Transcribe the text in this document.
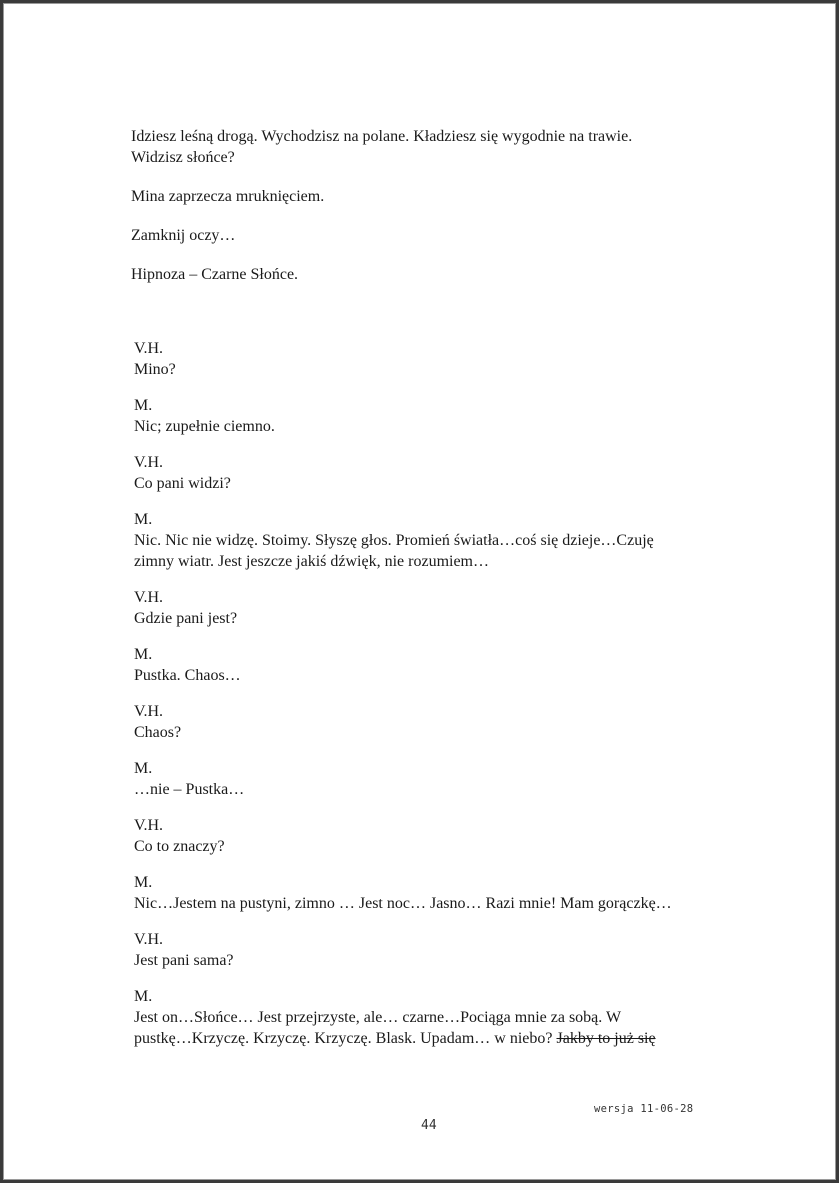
Idziesz leśną drogą. Wychodzisz na polane. Kładziesz się wygodnie na trawie.
Widzisz słońce?

Mina zaprzecza mruknięciem.

Zamknij oczy…

Hipnoza – Czarne Słońce.

V.H.
Mino?
M.
Nic; zupełnie ciemno.
V.H.
Co pani widzi?
M.
Nic. Nic nie widzę. Stoimy. Słyszę głos. Promień światła…coś się dzieje…Czuję
zimny wiatr. Jest jeszcze jakiś dźwięk, nie rozumiem…
V.H.
Gdzie pani jest?
M.
Pustka. Chaos…
V.H.
Chaos?
M.
…nie – Pustka…
V.H.
Co to znaczy?
M.
Nic…Jestem na pustyni, zimno … Jest noc… Jasno… Razi mnie! Mam gorączkę…
V.H.
Jest pani sama?
M.
Jest on…Słońce… Jest przejrzyste, ale… czarne…Pociąga mnie za sobą. W
pustkę…Krzyczę. Krzyczę. Krzyczę. Blask. Upadam… w niebo? Jakby to już się
wersja 11-06-28
44
